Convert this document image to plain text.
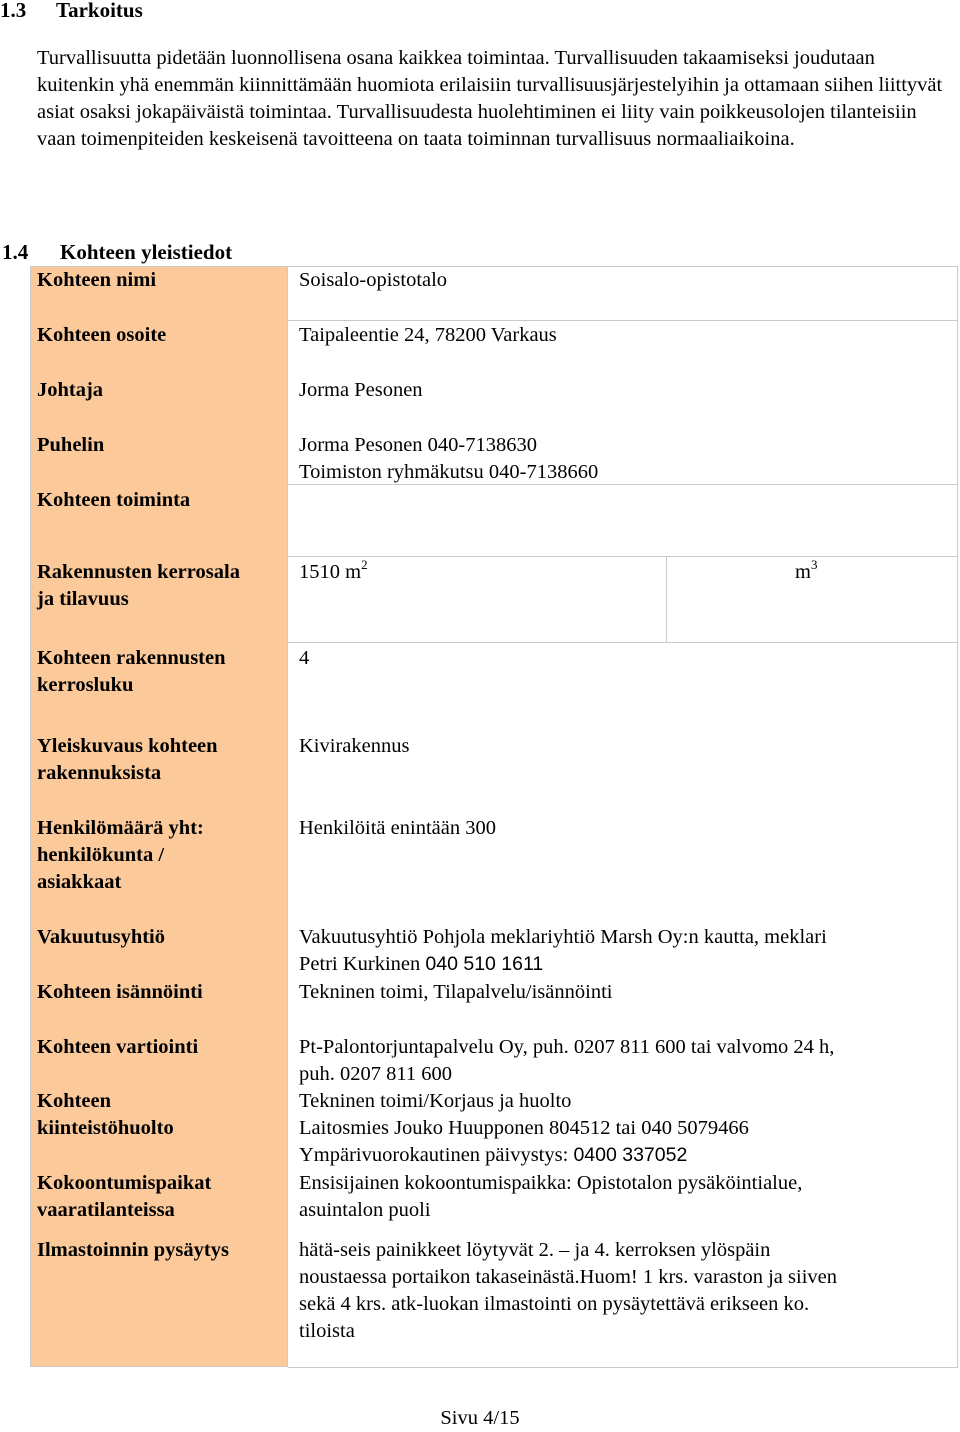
1.3 Tarkoitus

Turvallisuutta pidetään luonnollisena osana kaikkea toimintaa. Turvallisuuden takaamiseksi joudutaan kuitenkin yhä enemmän kiinnittämään huomiota erilaisiin turvallisuusjärjestelyihin ja ottamaan siihen liittyvät asiat osaksi jokapäiväistä toimintaa. Turvallisuudesta huolehtiminen ei liity vain poikkeusolojen tilanteisiin vaan toimenpiteiden keskeisenä tavoitteena on taata toiminnan turvallisuus normaaliaikoina.

1.4 Kohteen yleistiedot
Kohteen nimi
Kohteen osoite
Johtaja
Puhelin
Kohteen toiminta
Rakennusten kerrosala
ja tilavuus
Kohteen rakennusten
kerrosluku
Yleiskuvaus kohteen
rakennuksista
Henkilömäärä yht:
henkilökunta /
asiakkaat
Vakuutusyhtiö
Kohteen isännöinti
Kohteen vartiointi
Kohteen
kiinteistöhuolto
Kokoontumispaikat
vaaratilanteissa
Ilmastoinnin pysäytys
Soisalo-opistotalo
Taipaleentie 24, 78200 Varkaus
Jorma Pesonen
Jorma Pesonen 040-7138630
Toimiston ryhmäkutsu 040-7138660
1510 $m^2$	$m^3$
4
Kivirakennus
Henkilöitä enintään 300
Vakuutusyhtiö Pohjola meklariyhtiö Marsh Oy:n kautta, meklari
Petri Kurkinen 040 510 1611
Tekninen toimi, Tilapalvelu/isännöinti
Pt-Palontorjuntapalvelu Oy, puh. 0207 811 600 tai valvomo 24 h,
puh. 0207 811 600
Tekninen toimi/Korjaus ja huolto
Laitosmies Jouko Huupponen 804512 tai 040 5079466
Ympärivuorokautinen päivystys: 0400 337052
Ensisijainen kokoontumispaikka: Opistotalon pysäköintialue,
asuintalon puoli
hätä-seis painikkeet löytyvät 2. – ja 4. kerroksen ylöspäin
noustaessa portaikon takaseinästä.Huom! 1 krs. varaston ja siiven
sekä 4 krs. atk-luokan ilmastointi on pysäytettävä erikseen ko.
tiloista
Sivu 4/15
